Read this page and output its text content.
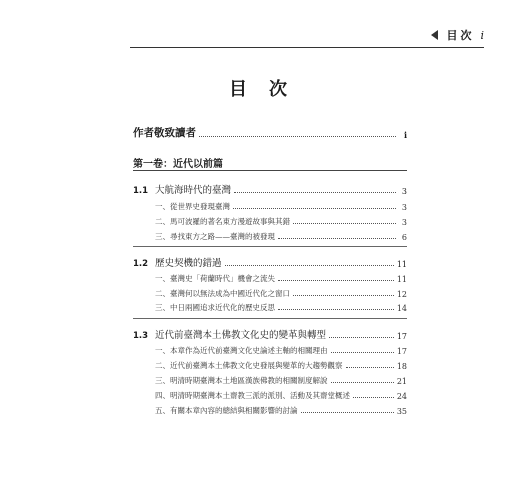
目次 i
目次
作者敬致讀者	i
第一卷：近代以前篇
1.1 大航海時代的臺灣	3
一、從世界史發現臺灣	3
二、馬可波羅的著名東方漫遊故事與其錯	3
三、尋找東方之路——臺灣的被發現	6
1.2 歷史契機的錯過	11
一、臺灣史「荷蘭時代」機會之流失	11
二、臺灣何以無法成為中國近代化之窗口	12
三、中日兩國追求近代化的歷史反思	14
1.3 近代前臺灣本土佛教文化史的變革與轉型	17
一、本章作為近代前臺灣文化史論述主軸的相關理由	17
二、近代前臺灣本土佛教文化史發展與變革的大趨勢觀察	18
三、明清時期臺灣本土地區漢族佛教的相關制度解說	21
四、明清時期臺灣本土齋教三派的派別、活動及其齋堂概述	24
五、有關本章內容的總結與相關影響的討論	35
